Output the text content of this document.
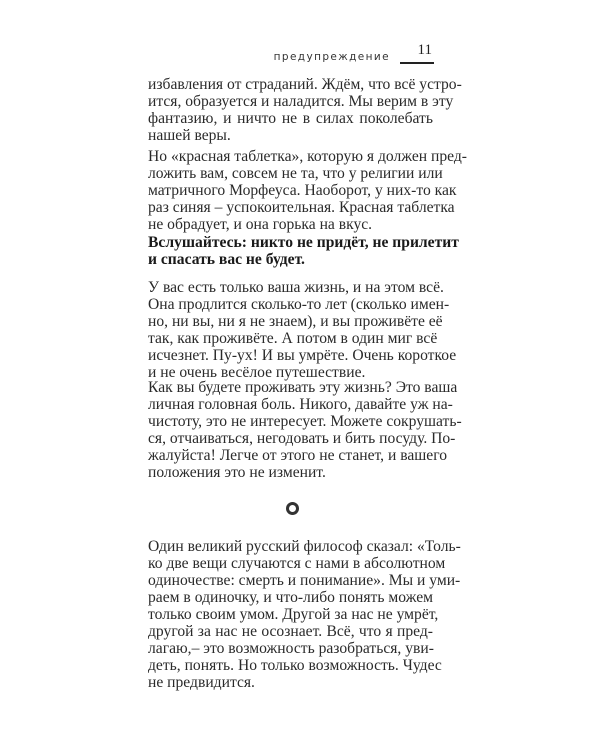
предупреждение 11
избавления от страданий. Ждём, что всё устро-
ится, образуется и наладится. Мы верим в эту
фантазию, и ничто не в силах поколебать
нашей веры.
Но «красная таблетка», которую я должен пред-
ложить вам, совсем не та, что у религии или
матричного Морфеуса. Наоборот, у них-то как
раз синяя – успокоительная. Красная таблетка
не обрадует, и она горька на вкус.
Вслушайтесь: никто не придёт, не прилетит
и спасать вас не будет.
У вас есть только ваша жизнь, и на этом всё.
Она продлится сколько-то лет (сколько имен-
но, ни вы, ни я не знаем), и вы проживёте её
так, как проживёте. А потом в один миг всё
исчезнет. Пу-ух! И вы умрёте. Очень короткое
и не очень весёлое путешествие.
Как вы будете проживать эту жизнь? Это ваша
личная головная боль. Никого, давайте уж на-
чистоту, это не интересует. Можете сокрушать-
ся, отчаиваться, негодовать и бить посуду. По-
жалуйста! Легче от этого не станет, и вашего
положения это не изменит.
Один великий русский философ сказал: «Толь-
ко две вещи случаются с нами в абсолютном
одиночестве: смерть и понимание». Мы и уми-
раем в одиночку, и что-либо понять можем
только своим умом. Другой за нас не умрёт,
другой за нас не осознает. Всё, что я пред-
лагаю,– это возможность разобраться, уви-
деть, понять. Но только возможность. Чудес
не предвидится.
